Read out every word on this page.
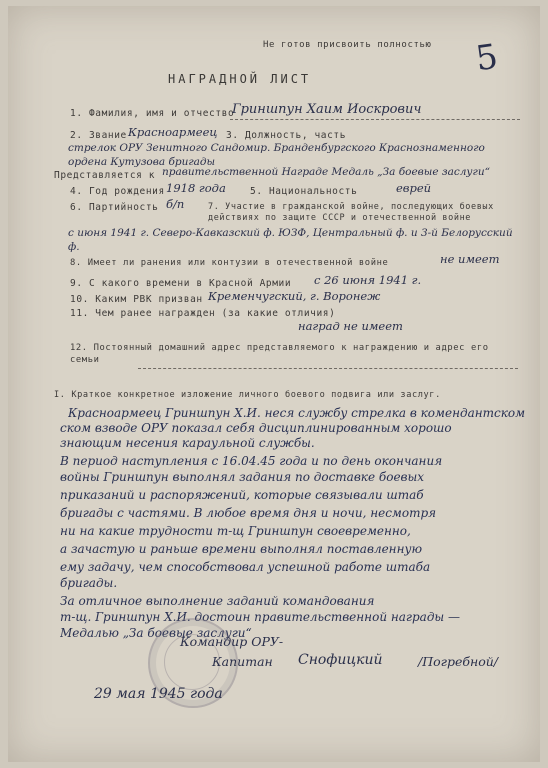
Не готов присвоить полностью 5
НАГРАДНОЙ ЛИСТ
1. Фамилия, имя и отчество
Гриншпун Хаим Иоскрович
2. Звание Красноармеец 3. Должность, часть
стрелок ОРУ Зенитного Сандомир. Бранденбургского Краснознаменного
ордена Кутузова бригады
Представляется к правительственной Награде Медаль „За боевые заслуги“
4. Год рождения 1918 года	5. Национальность	еврей
6. Партийность б/п	7. Участие в гражданской войне, последующих боевых действиях по защите СССР и отечественной войне
с июня 1941 г. Северо-Кавказский ф. ЮЗФ, Центральный ф. и 3-й Белорусский ф.
8. Имеет ли ранения или контузии в отечественной войне	не имеет
9. С какого времени в Красной Армии с 26 июня 1941 г.
10. Каким РВК призван Кременчугский, г. Воронеж
11. Чем ранее награжден (за какие отличия)
наград не имеет
12. Постоянный домашний адрес представляемого к награждению и адрес его семьи
I. Краткое конкретное изложение личного боевого подвига или заслуг.
Красноармеец Гриншпун Х.И. неся службу стрелка в комендантском
ском взводе ОРУ показал себя дисциплинированным хорошо
знающим несения караульной службы.
В период наступления с 16.04.45 года и по день окончания
войны Гриншпун выполнял задания по доставке боевых
приказаний и распоряжений, которые связывали штаб
бригады с частями. В любое время дня и ночи, несмотря
ни на какие трудности т-щ Гриншпун своевременно,
а зачастую и раньше времени выполнял поставленную
ему задачу, чем способствовал успешной работе штаба
бригады.
За отличное выполнение заданий командования
т-щ. Гриншпун Х.И. достоин правительственной награды —
Медалью „За боевые заслуги“
Командир ОРУ-
Капитан Снофицкий	/Погребной/
29 мая 1945 года
